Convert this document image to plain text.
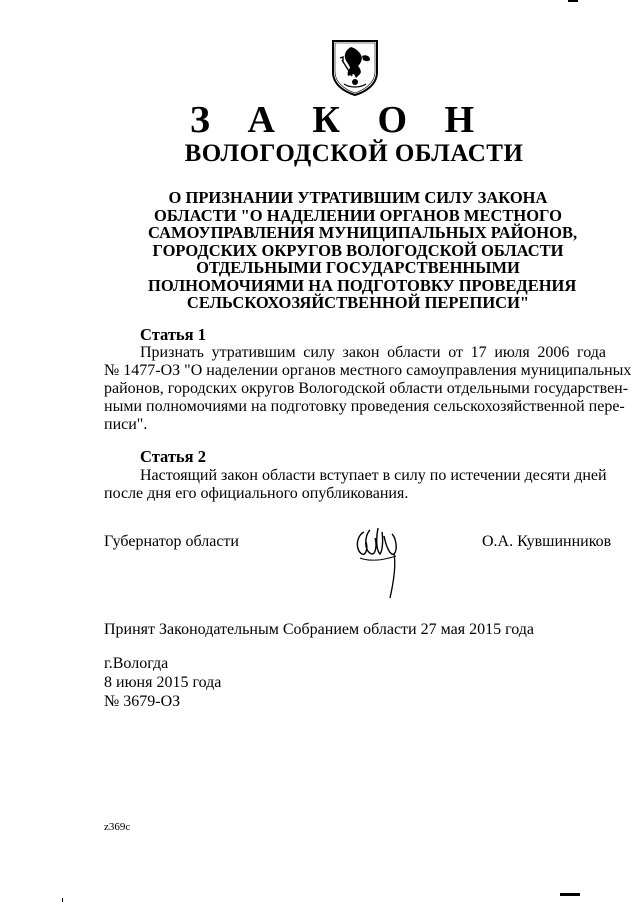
З А К О Н
ВОЛОГОДСКОЙ ОБЛАСТИ
О ПРИЗНАНИИ УТРАТИВШИМ СИЛУ ЗАКОНА
ОБЛАСТИ "О НАДЕЛЕНИИ ОРГАНОВ МЕСТНОГО
САМОУПРАВЛЕНИЯ МУНИЦИПАЛЬНЫХ РАЙОНОВ,
ГОРОДСКИХ ОКРУГОВ ВОЛОГОДСКОЙ ОБЛАСТИ
ОТДЕЛЬНЫМИ ГОСУДАРСТВЕННЫМИ
ПОЛНОМОЧИЯМИ НА ПОДГОТОВКУ ПРОВЕДЕНИЯ
СЕЛЬСКОХОЗЯЙСТВЕННОЙ ПЕРЕПИСИ"
Статья 1
Признать утратившим силу закон области от 17 июля 2006 года
№ 1477-ОЗ "О наделении органов местного самоуправления муниципальных
районов, городских округов Вологодской области отдельными государствен-
ными полномочиями на подготовку проведения сельскохозяйственной пере-
писи".
Статья 2
Настоящий закон области вступает в силу по истечении десяти дней
после дня его официального опубликования.
Губернатор области	О.А. Кувшинников
Принят Законодательным Собранием области 27 мая 2015 года
г.Вологда
8 июня 2015 года
№ 3679-ОЗ
z369c
